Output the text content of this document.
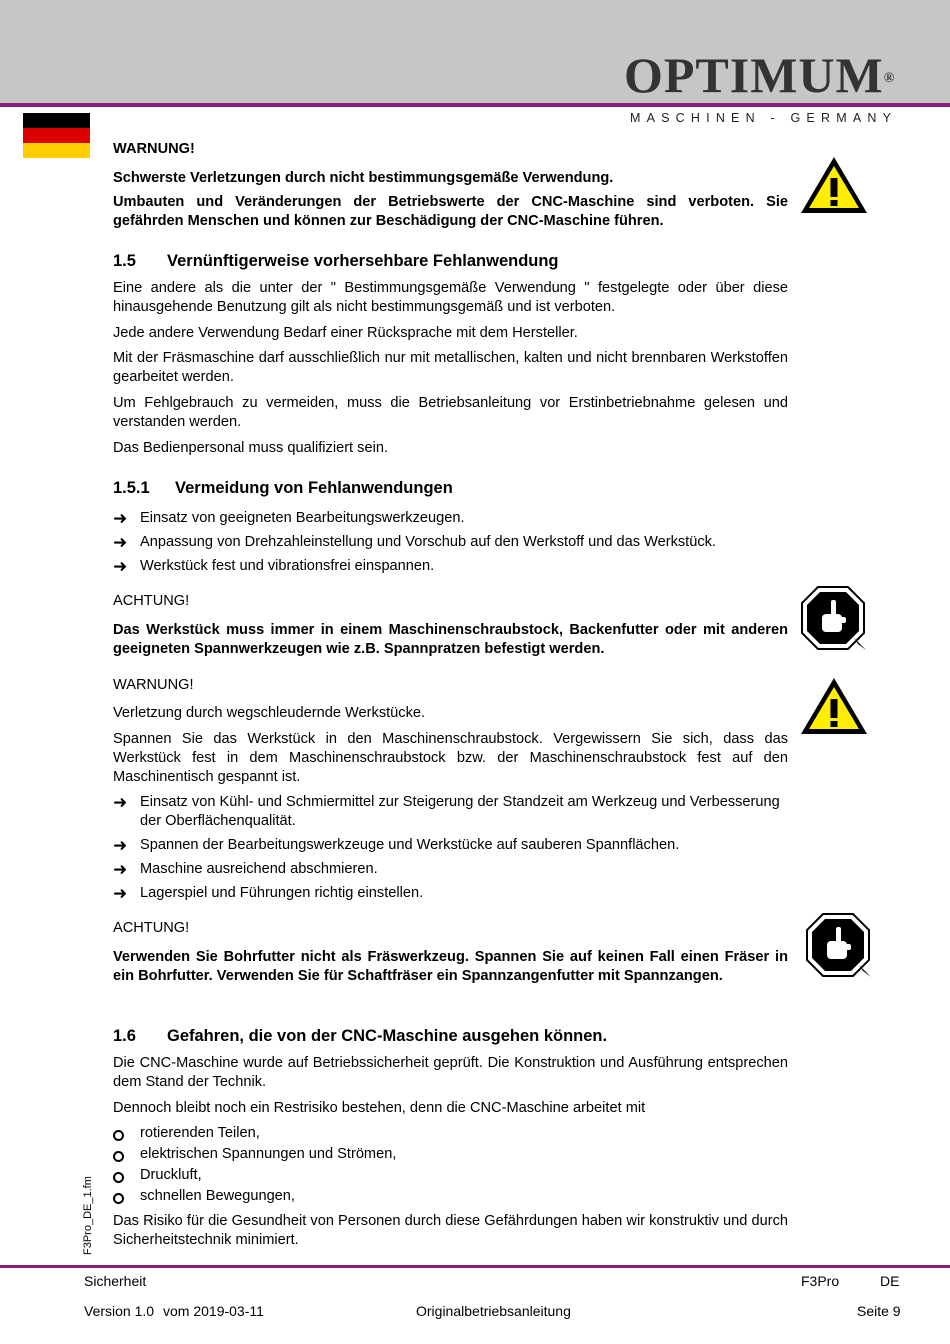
OPTIMUM®
MASCHINEN - GERMANY

WARNUNG!

Schwerste Verletzungen durch nicht bestimmungsgemäße Verwendung.

Umbauten und Veränderungen der Betriebswerte der CNC-Maschine sind verboten. Sie gefährden Menschen und können zur Beschädigung der CNC-Maschine führen.

1.5 Vernünftigerweise vorhersehbare Fehlanwendung

Eine andere als die unter der " Bestimmungsgemäße Verwendung " festgelegte oder über diese hinausgehende Benutzung gilt als nicht bestimmungsgemäß und ist verboten.

Jede andere Verwendung Bedarf einer Rücksprache mit dem Hersteller.

Mit der Fräsmaschine darf ausschließlich nur mit metallischen, kalten und nicht brennbaren Werkstoffen gearbeitet werden.

Um Fehlgebrauch zu vermeiden, muss die Betriebsanleitung vor Erstinbetriebnahme gelesen und verstanden werden.

Das Bedienpersonal muss qualifiziert sein.

1.5.1 Vermeidung von Fehlanwendungen
➜ Einsatz von geeigneten Bearbeitungswerkzeugen.
➜ Anpassung von Drehzahleinstellung und Vorschub auf den Werkstoff und das Werkstück.
➜ Werkstück fest und vibrationsfrei einspannen.

ACHTUNG!

Das Werkstück muss immer in einem Maschinenschraubstock, Backenfutter oder mit anderen geeigneten Spannwerkzeugen wie z.B. Spannpratzen befestigt werden.

WARNUNG!

Verletzung durch wegschleudernde Werkstücke.

Spannen Sie das Werkstück in den Maschinenschraubstock. Vergewissern Sie sich, dass das Werkstück fest in dem Maschinenschraubstock bzw. der Maschinenschraubstock fest auf den Maschinentisch gespannt ist.

➜ Einsatz von Kühl- und Schmiermittel zur Steigerung der Standzeit am Werkzeug und Verbesserung der Oberflächenqualität.
➜ Spannen der Bearbeitungswerkzeuge und Werkstücke auf sauberen Spannflächen.
➜ Maschine ausreichend abschmieren.
➜ Lagerspiel und Führungen richtig einstellen.

ACHTUNG!

Verwenden Sie Bohrfutter nicht als Fräswerkzeug. Spannen Sie auf keinen Fall einen Fräser in ein Bohrfutter. Verwenden Sie für Schaftfräser ein Spannzangenfutter mit Spannzangen.

1.6 Gefahren, die von der CNC-Maschine ausgehen können.

Die CNC-Maschine wurde auf Betriebssicherheit geprüft. Die Konstruktion und Ausführung entsprechen dem Stand der Technik.

Dennoch bleibt noch ein Restrisiko bestehen, denn die CNC-Maschine arbeitet mit

rotierenden Teilen,
elektrischen Spannungen und Strömen,
Druckluft,
schnellen Bewegungen,

Das Risiko für die Gesundheit von Personen durch diese Gefährdungen haben wir konstruktiv und durch Sicherheitstechnik minimiert.

F3Pro_DE_1.fm
Sicherheit	F3Pro	DE
Version 1.0 vom 2019-03-11	Originalbetriebsanleitung	Seite 9
